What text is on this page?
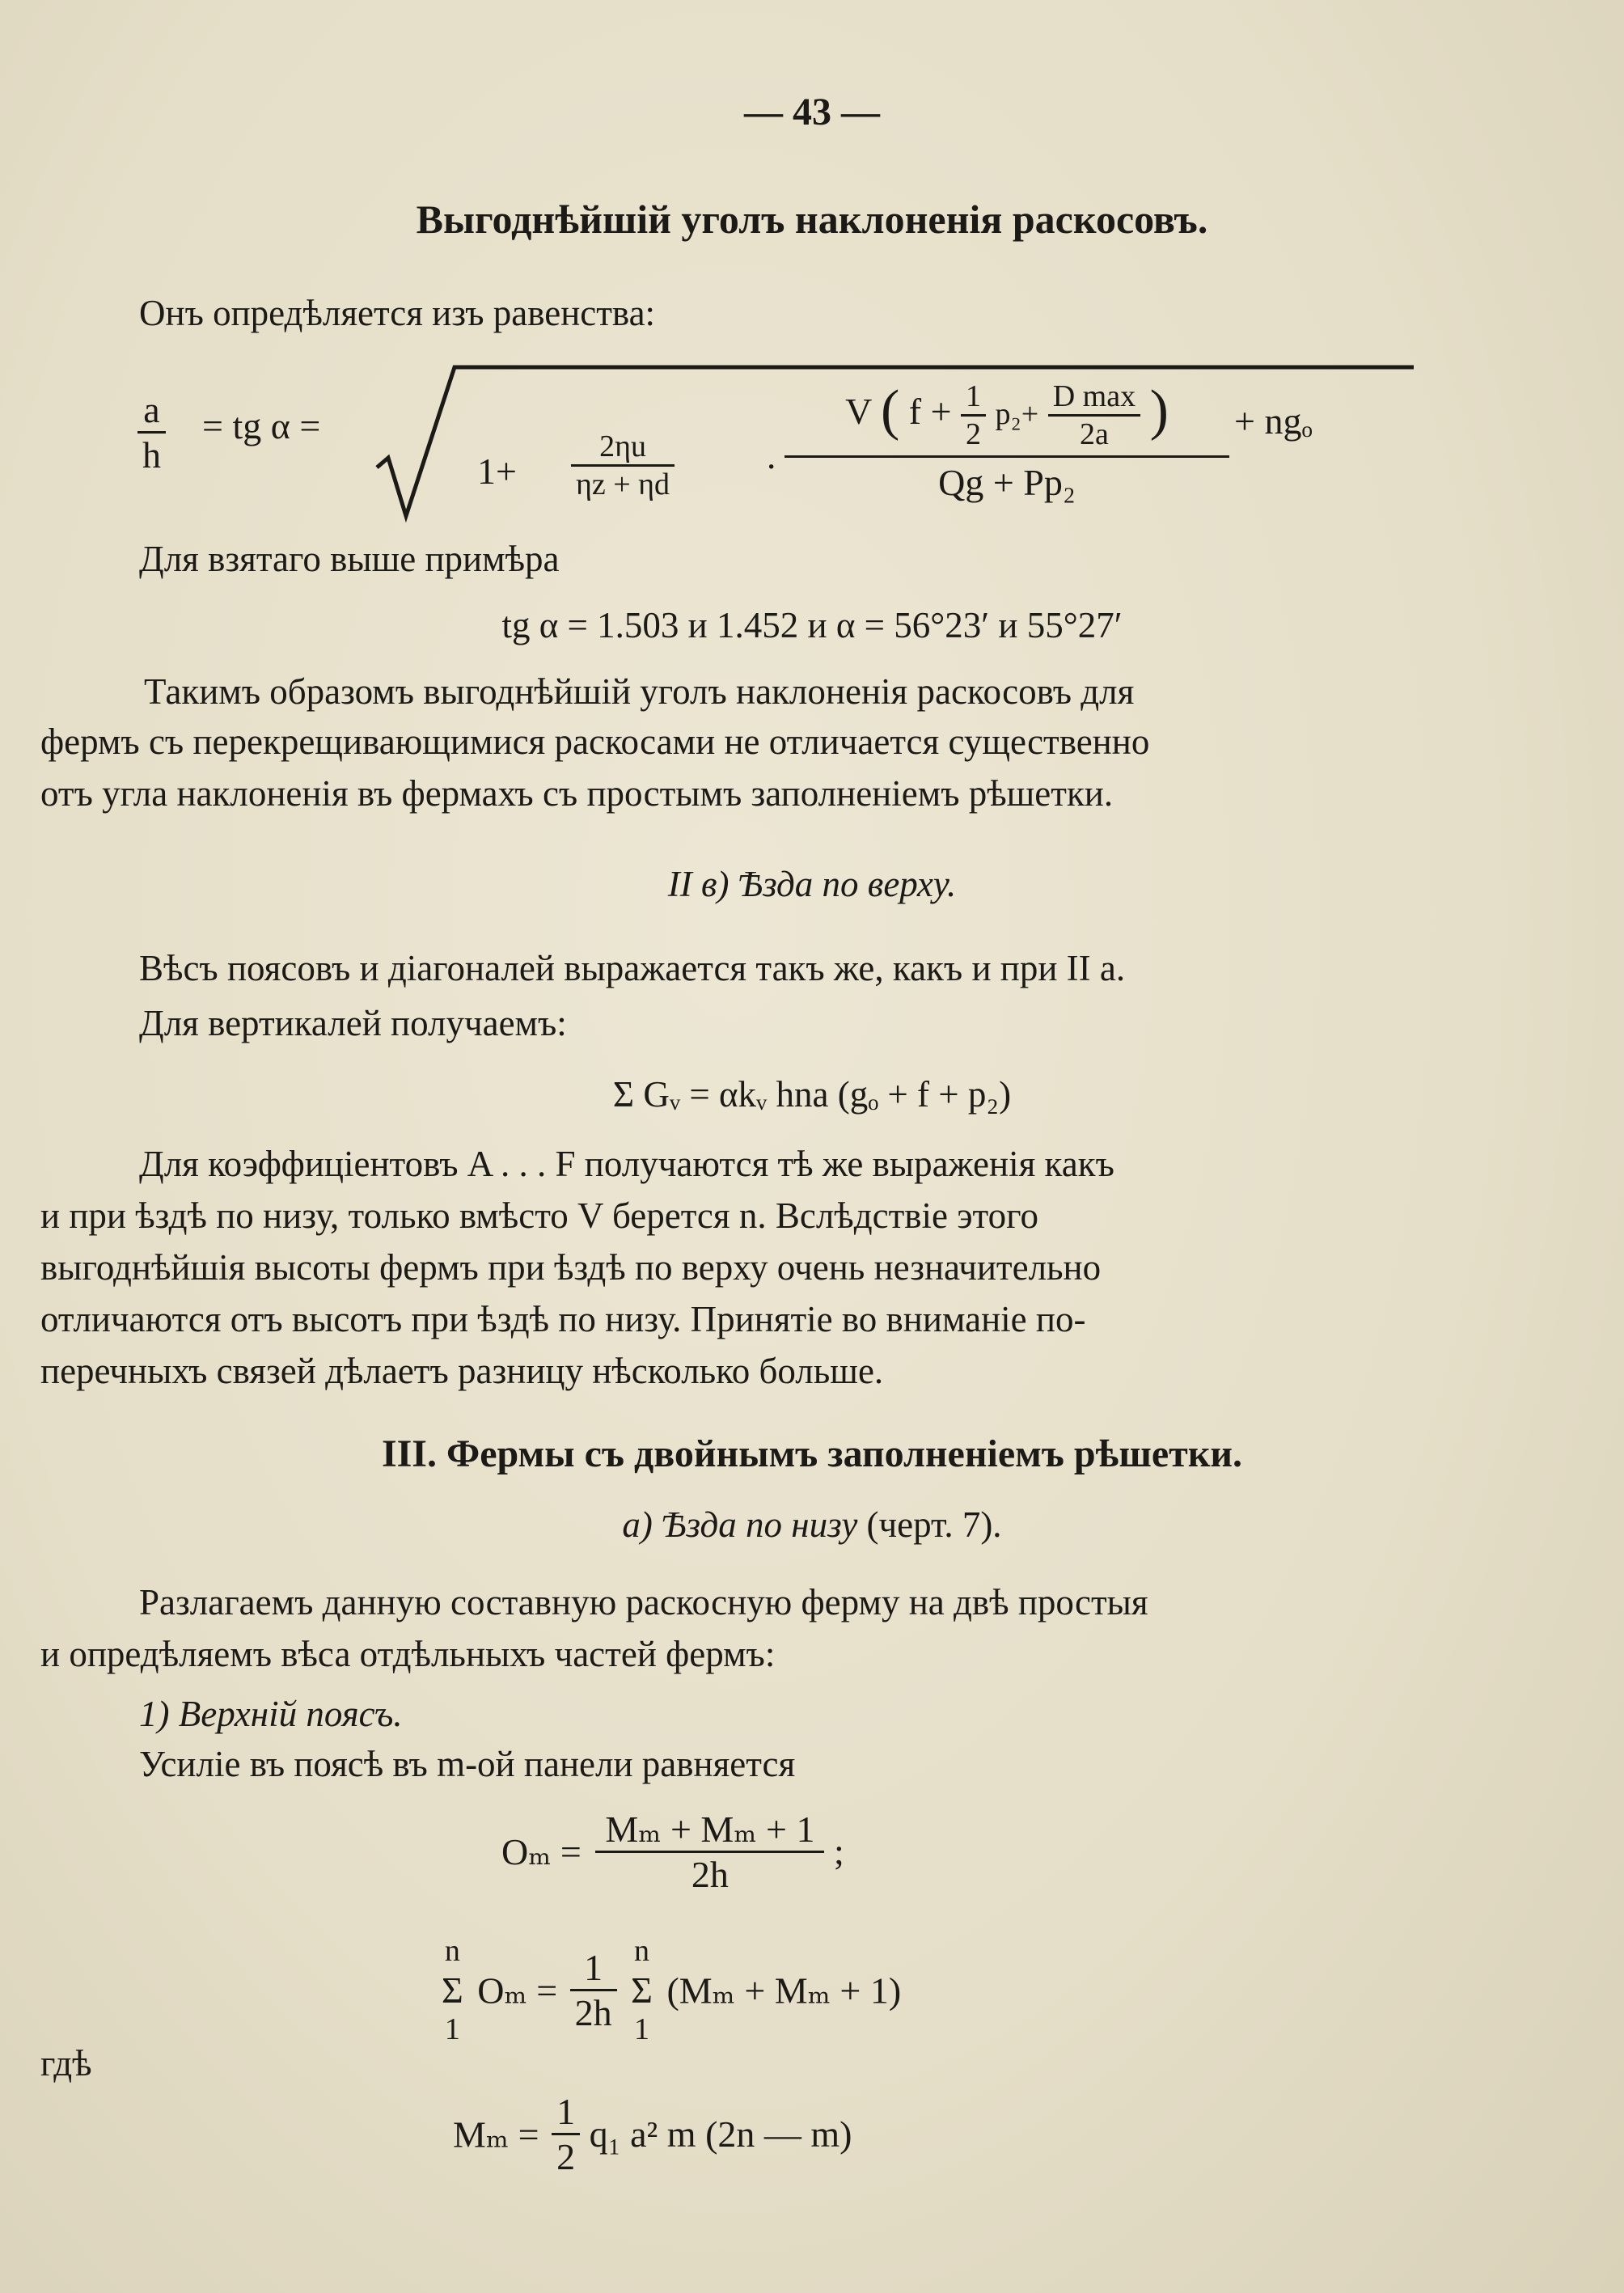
— 43 —
Выгоднѣйшій уголъ наклоненія раскосовъ.
Онъ опредѣляется изъ равенства:
$\frac{a}{h}$ = tg α =
$1+ \frac{2\eta u}{\eta z + \eta d}$ ·
V ( $f + \frac{1}{2} p_2+ \frac{\text{D max}}{2a}$ )
Qg + Pp₂
+ ngₒ
Для взятаго выше примѣра
tg α = 1.503 и 1.452 и α = 56°23′ и 55°27′
Такимъ образомъ выгоднѣйшій уголъ наклоненія раскосовъ для
фермъ съ перекрещивающимися раскосами не отличается существенно
отъ угла наклоненія въ фермахъ съ простымъ заполненіемъ рѣшетки.
II в) Ѣзда по верху.
Вѣсъ поясовъ и діагоналей выражается такъ же, какъ и при II а.
Для вертикалей получаемъ:
Σ Gᵥ = αkᵥ hna (gₒ + f + p₂)
Для коэффиціентовъ A . . . F получаются тѣ же выраженія какъ
и при ѣздѣ по низу, только вмѣсто V берется n. Вслѣдствіе этого
выгоднѣйшія высоты фермъ при ѣздѣ по верху очень незначительно
отличаются отъ высотъ при ѣздѣ по низу. Принятіе во вниманіе по-
перечныхъ связей дѣлаетъ разницу нѣсколько больше.
III. Фермы съ двойнымъ заполненіемъ рѣшетки.
а) Ѣзда по низу (черт. 7).
Разлагаемъ данную составную раскосную ферму на двѣ простыя
и опредѣляемъ вѣса отдѣльныхъ частей фермъ:
1) Верхній поясъ.
Усиліе въ поясѣ въ m-ой панели равняется
$O_m = \frac{\text{Mₘ + Mₘ + 1}}{2h}$ ;
n
Σ
1
$O_m = \frac{1}{2h}$
n
Σ
1
(Mₘ + Mₘ + 1)
гдѣ
$M_m = \frac{1}{2} q_1$ a² m (2n — m)
